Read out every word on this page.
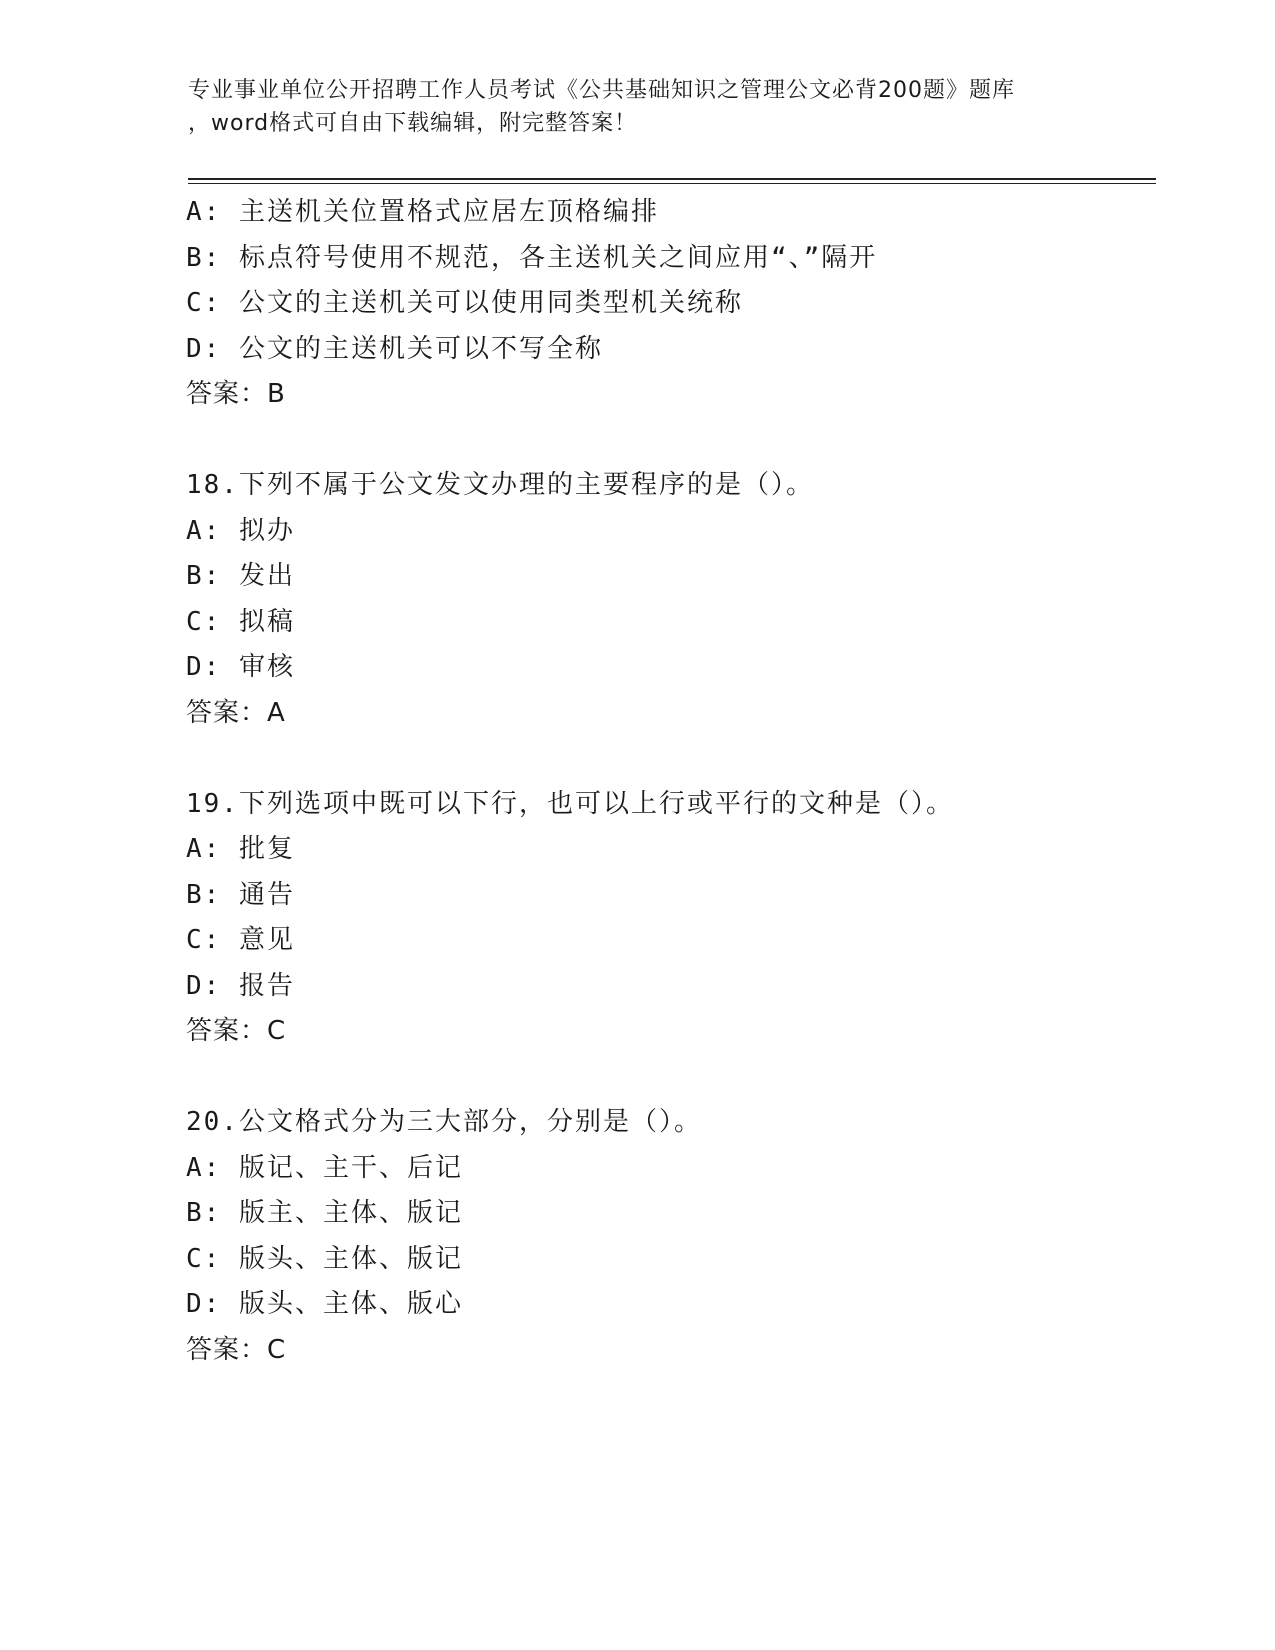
专业事业单位公开招聘工作人员考试《公共基础知识之管理公文必背200题》题库
，word格式可自由下载编辑，附完整答案！
A: 主送机关位置格式应居左顶格编排
B: 标点符号使用不规范，各主送机关之间应用“、”隔开
C: 公文的主送机关可以使用同类型机关统称
D: 公文的主送机关可以不写全称
答案：B
18.下列不属于公文发文办理的主要程序的是（）。
A: 拟办
B: 发出
C: 拟稿
D: 审核
答案：A
19.下列选项中既可以下行，也可以上行或平行的文种是（）。
A: 批复
B: 通告
C: 意见
D: 报告
答案：C
20.公文格式分为三大部分，分别是（）。
A: 版记、主干、后记
B: 版主、主体、版记
C: 版头、主体、版记
D: 版头、主体、版心
答案：C
